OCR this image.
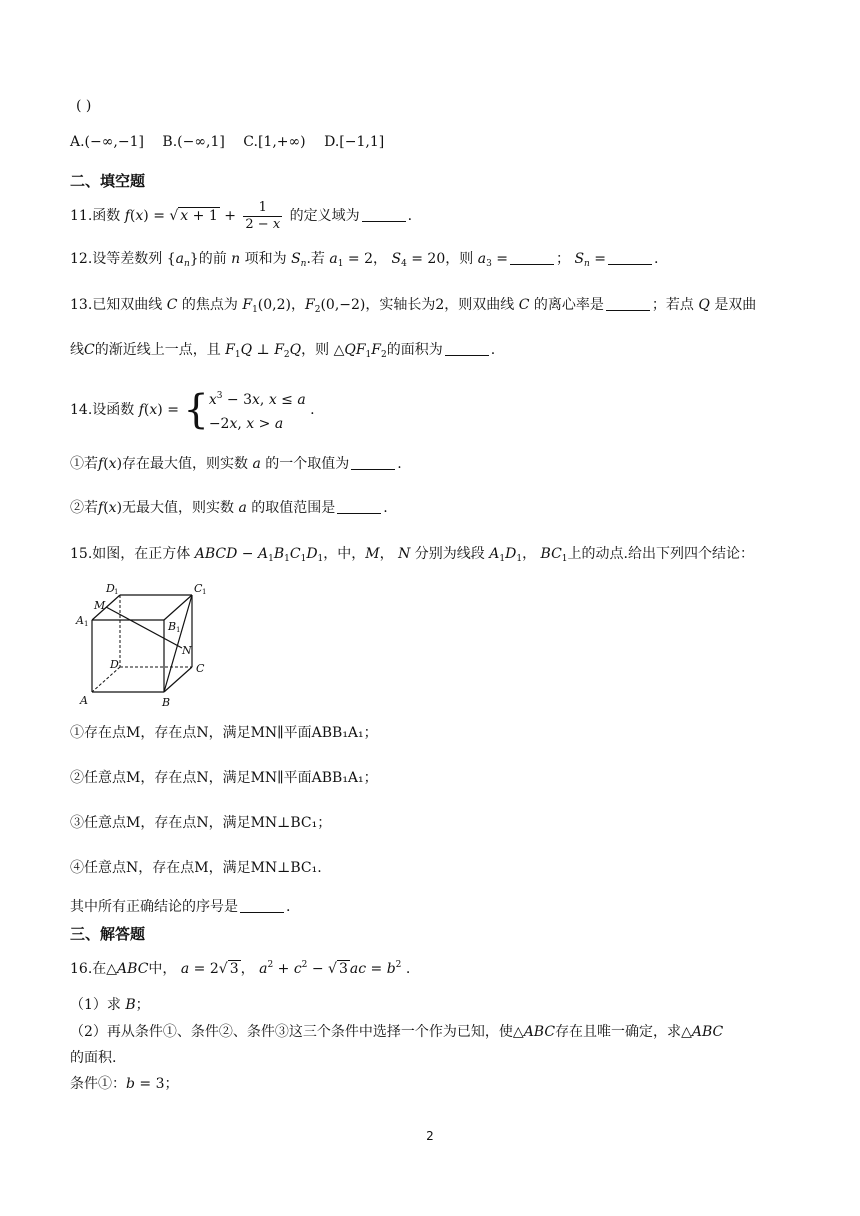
( )
A.(−∞,−1] B.(−∞,1] C.[1,+∞) D.[−1,1]
二、填空题
11.函数 f(x) = √ $x + 1 + \frac{1}{2 - x}$ 的定义域为	.
12.设等差数列 $\{a_n\}$的前 n 项和为 $S_n$.若 $a_1 = 2$， $S_4 = 20$，则 $a_3$ =	； $S_n$ =	.
13.已知双曲线 C 的焦点为 $F_1(0,2)$，$F_2(0,-2)$，实轴长为2，则双曲线 C 的离心率是	；若点 Q 是双曲
线C的渐近线上一点，且 $F_1Q$ ⊥ $F_2Q$，则 $\triangle QF_1F_2$的面积为	.
14.设函数 $f(x) = \{x^3 - 3x$, x ≤ a
−2x, x > a .
①若f(x)存在最大值，则实数 a 的一个取值为	.
②若f(x)无最大值，则实数 a 的取值范围是	.
15.如图，在正方体 ABCD − $A_1B_1C_1D_1$，中，M， N 分别为线段 $A_1D_1$， $BC_1$上的动点.给出下列四个结论：
D 1	C 1
M
A 1	B 1
N
D	C
A	B
①存在点M，存在点N，满足MN∥平面ABB₁A₁；
②任意点M，存在点N，满足MN∥平面ABB₁A₁；
③任意点M，存在点N，满足MN⊥BC₁；
④任意点N，存在点M，满足MN⊥BC₁.
其中所有正确结论的序号是	.
三、解答题
16.在△ABC中， a = 2√ 3 ， $a^2 + c^2$ − √ 3 ac = $b^2$ .
（1）求 B；
（2）再从条件①、条件②、条件③这三个条件中选择一个作为已知，使△ABC存在且唯一确定，求△ABC
的面积.
条件①：b = 3；
2
